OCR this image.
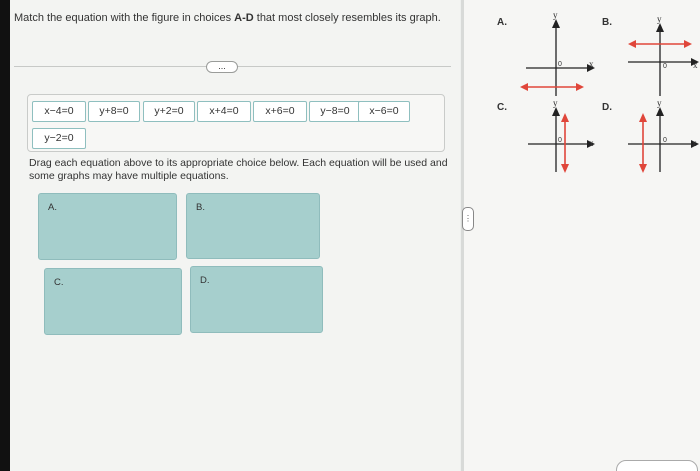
Match the equation with the figure in choices A-D that most closely resembles its graph.
...
x−4=0	y+8=0	y+2=0	x+4=0	x+6=0	y−8=0	x−6=0
y−2=0
Drag each equation above to its appropriate choice below. Each equation will be used and some graphs may have multiple equations.
A.	B.
C.	D.
⋮
A.
y
x
0
B.	y
x
0
C.	y
x
0
D.	y
x
0
